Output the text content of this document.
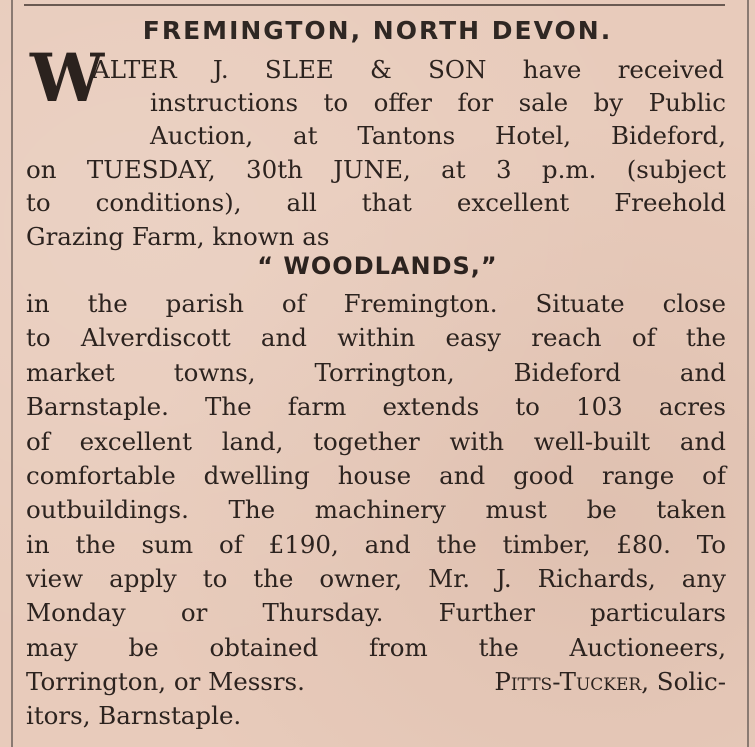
FREMINGTON, NORTH DEVON.
W
ALTER J. SLEE & SON have received
instructions to offer for sale by Public
Auction, at Tantons Hotel, Bideford,
on TUESDAY, 30th JUNE, at 3 p.m. (subject
to conditions), all that excellent Freehold
Grazing Farm, known as
“ WOODLANDS,”
in the parish of Fremington. Situate close
to Alverdiscott and within easy reach of the
market towns, Torrington, Bideford and
Barnstaple. The farm extends to 103 acres
of excellent land, together with well-built and
comfortable dwelling house and good range of
outbuildings. The machinery must be taken
in the sum of £190, and the timber, £80. To
view apply to the owner, Mr. J. Richards, any
Monday or Thursday. Further particulars
may be obtained from the Auctioneers,
Torrington, or Messrs.	Pitts-Tucker, Solic-
itors, Barnstaple.
